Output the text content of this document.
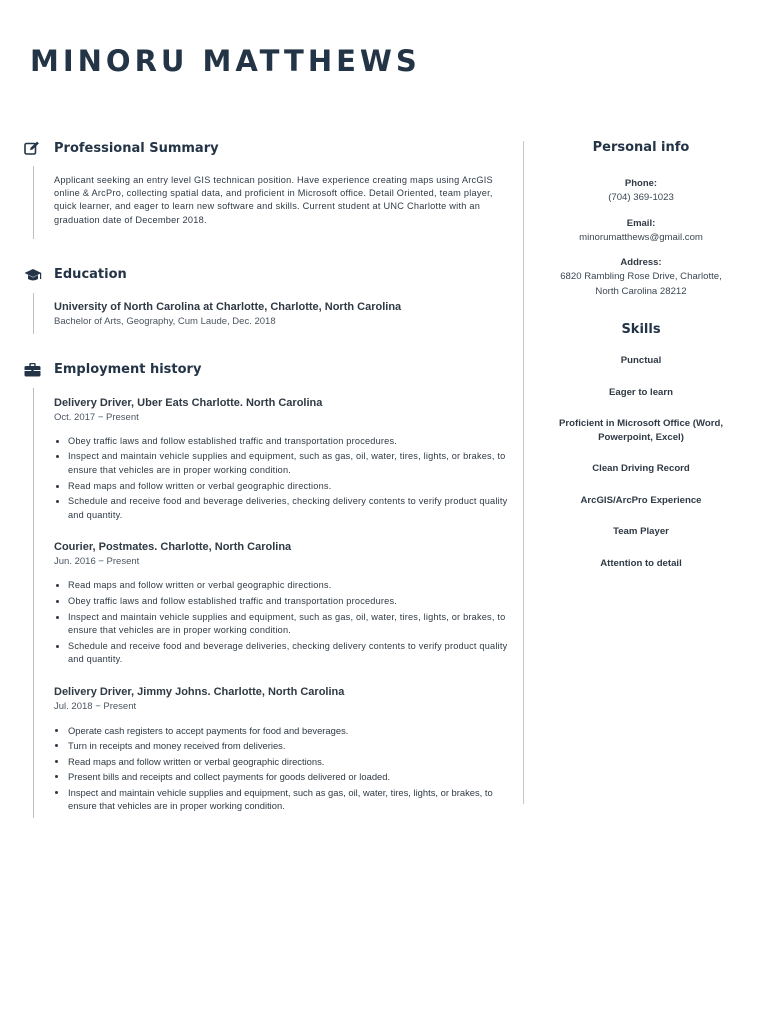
MINORU MATTHEWS
Professional Summary

Applicant seeking an entry level GIS technican position. Have experience creating maps using ArcGIS online & ArcPro, collecting spatial data, and proficient in Microsoft office. Detail Oriented, team player, quick learner, and eager to learn new software and skills. Current student at UNC Charlotte with an graduation date of December 2018.

Education
University of North Carolina at Charlotte, Charlotte, North Carolina
Bachelor of Arts, Geography, Cum Laude, Dec. 2018
Employment history
Delivery Driver, Uber Eats Charlotte. North Carolina
Oct. 2017 − Present
• Obey traffic laws and follow established traffic and transportation procedures.
• Inspect and maintain vehicle supplies and equipment, such as gas, oil, water, tires, lights, or brakes, to ensure that vehicles are in proper working condition.
• Read maps and follow written or verbal geographic directions.
• Schedule and receive food and beverage deliveries, checking delivery contents to verify product quality and quantity.
Courier, Postmates. Charlotte, North Carolina
Jun. 2016 − Present
• Read maps and follow written or verbal geographic directions.
• Obey traffic laws and follow established traffic and transportation procedures.
• Inspect and maintain vehicle supplies and equipment, such as gas, oil, water, tires, lights, or brakes, to ensure that vehicles are in proper working condition.
• Schedule and receive food and beverage deliveries, checking delivery contents to verify product quality and quantity.
Delivery Driver, Jimmy Johns. Charlotte, North Carolina
Jul. 2018 − Present
• Operate cash registers to accept payments for food and beverages.
• Turn in receipts and money received from deliveries.
• Read maps and follow written or verbal geographic directions.
• Present bills and receipts and collect payments for goods delivered or loaded.
• Inspect and maintain vehicle supplies and equipment, such as gas, oil, water, tires, lights, or brakes, to ensure that vehicles are in proper working condition.
Personal info
Phone:
(704) 369-1023
Email:
minorumatthews@gmail.com
Address:
6820 Rambling Rose Drive, Charlotte,
North Carolina 28212
Skills
Punctual
Eager to learn
Proficient in Microsoft Office (Word, Powerpoint, Excel)
Clean Driving Record
ArcGIS/ArcPro Experience
Team Player
Attention to detail
